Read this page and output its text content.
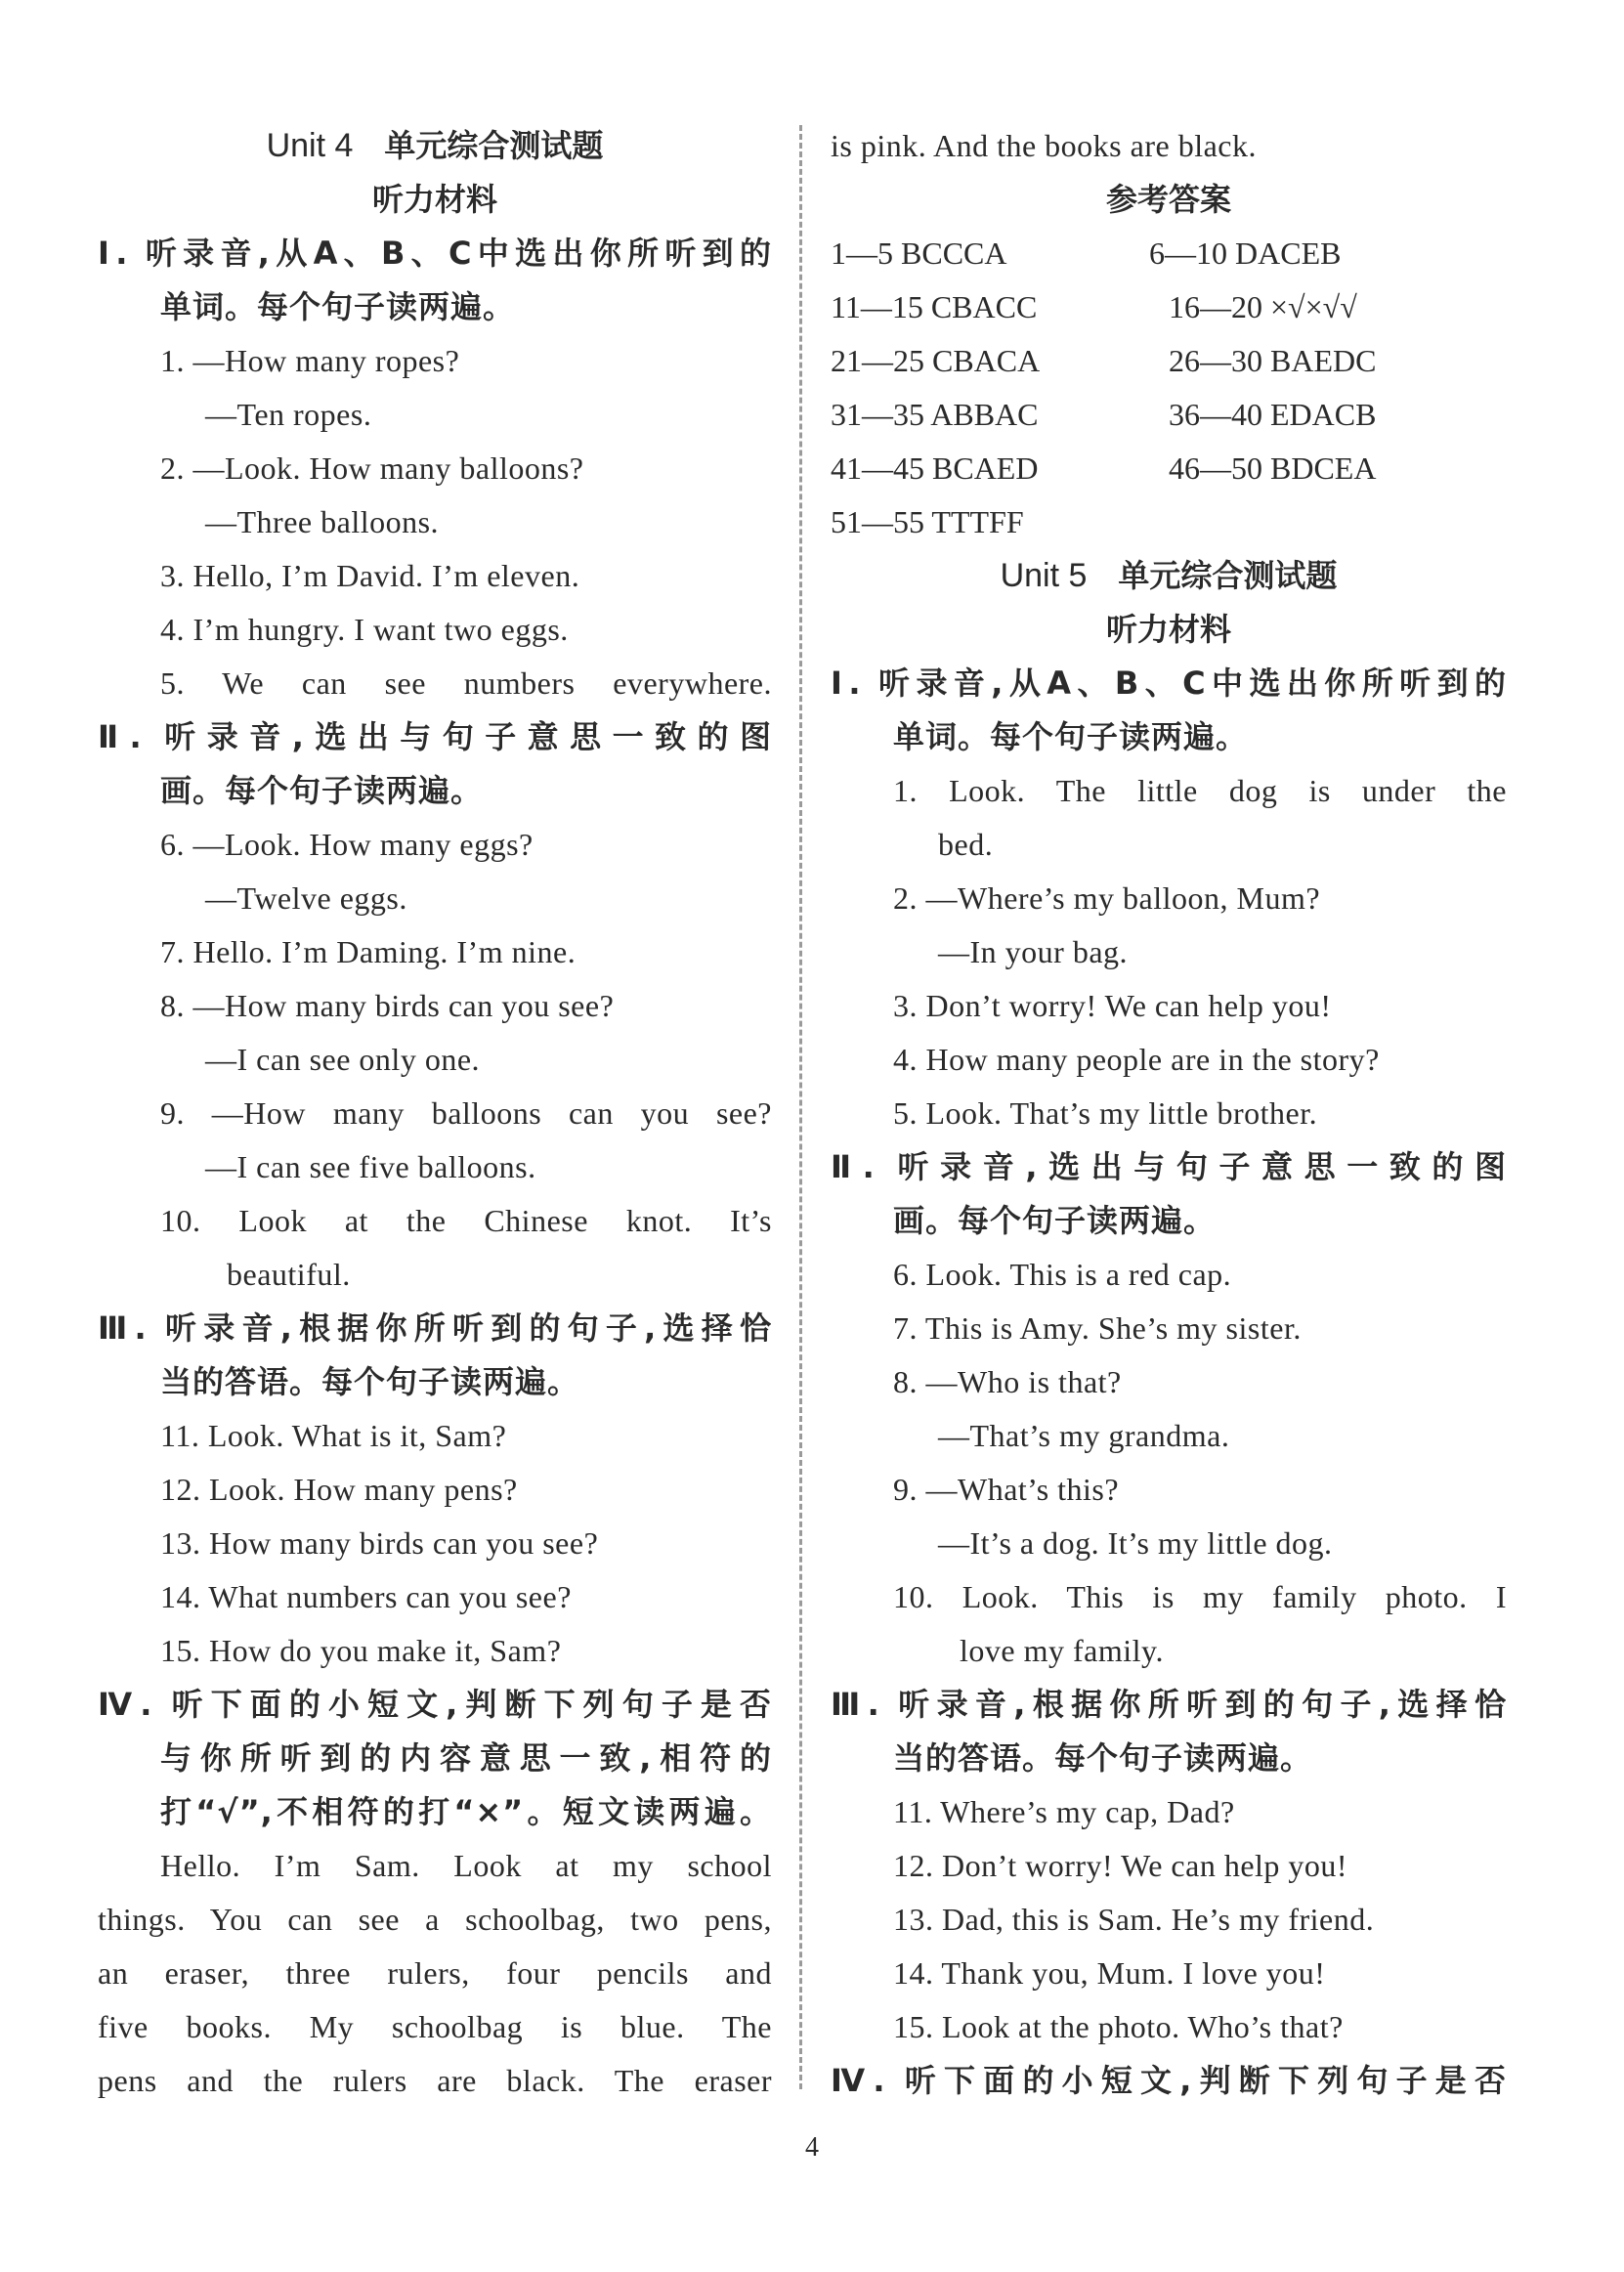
Unit 4  单元综合测试题
听力材料
Ⅰ. 听录音,从A、B、C中选出你所听到的
单词。每个句子读两遍。
1. —How many ropes?
—Ten ropes.
2. —Look. How many balloons?
—Three balloons.
3. Hello, I’m David. I’m eleven.
4. I’m hungry. I want two eggs.
5. We can see numbers everywhere.
Ⅱ. 听录音,选出与句子意思一致的图
画。每个句子读两遍。
6. —Look. How many eggs?
—Twelve eggs.
7. Hello. I’m Daming. I’m nine.
8. —How many birds can you see?
—I can see only one.
9. —How many balloons can you see?
—I can see five balloons.
10. Look at the Chinese knot. It’s
beautiful.
Ⅲ. 听录音,根据你所听到的句子,选择恰
当的答语。每个句子读两遍。
11. Look. What is it, Sam?
12. Look. How many pens?
13. How many birds can you see?
14. What numbers can you see?
15. How do you make it, Sam?
Ⅳ. 听下面的小短文,判断下列句子是否
与你所听到的内容意思一致,相符的
打“√”,不相符的打“×”。短文读两遍。
Hello. I’m Sam. Look at my school
things. You can see a schoolbag, two pens,
an eraser, three rulers, four pencils and
five books. My schoolbag is blue. The
pens and the rulers are black. The eraser
is pink. And the books are black.
参考答案
1—5 BCCCA	6—10 DACEB
11—15 CBACC	16—20 ×√×√√
21—25 CBACA	26—30 BAEDC
31—35 ABBAC	36—40 EDACB
41—45 BCAED	46—50 BDCEA
51—55 TTTFF
Unit 5  单元综合测试题
听力材料
Ⅰ. 听录音,从A、B、C中选出你所听到的
单词。每个句子读两遍。
1. Look. The little dog is under the
bed.
2. —Where’s my balloon, Mum?
—In your bag.
3. Don’t worry! We can help you!
4. How many people are in the story?
5. Look. That’s my little brother.
Ⅱ. 听录音,选出与句子意思一致的图
画。每个句子读两遍。
6. Look. This is a red cap.
7. This is Amy. She’s my sister.
8. —Who is that?
—That’s my grandma.
9. —What’s this?
—It’s a dog. It’s my little dog.
10. Look. This is my family photo. I
love my family.
Ⅲ. 听录音,根据你所听到的句子,选择恰
当的答语。每个句子读两遍。
11. Where’s my cap, Dad?
12. Don’t worry! We can help you!
13. Dad, this is Sam. He’s my friend.
14. Thank you, Mum. I love you!
15. Look at the photo. Who’s that?
Ⅳ. 听下面的小短文,判断下列句子是否
4
